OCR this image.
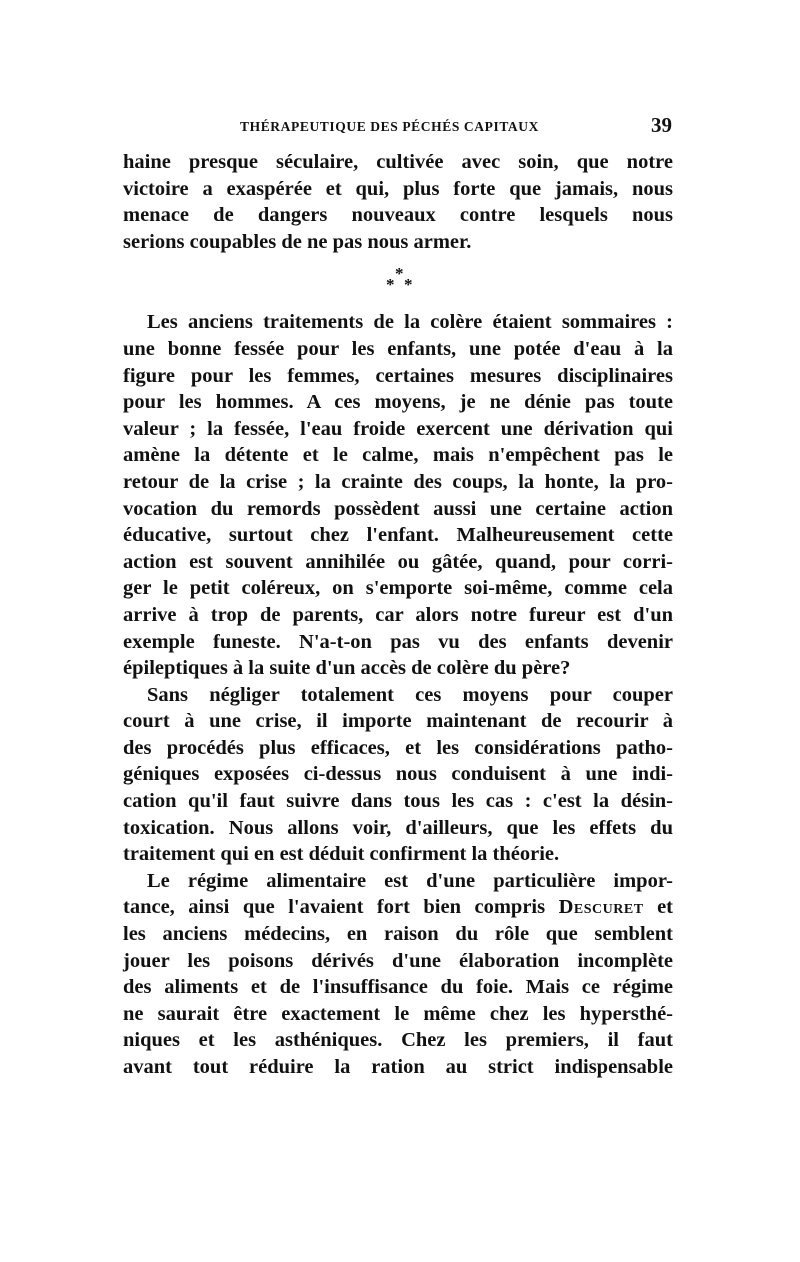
THÉRAPEUTIQUE DES PÉCHÉS CAPITAUX	39
haine presque séculaire, cultivée avec soin, que notre
victoire a exaspérée et qui, plus forte que jamais, nous
menace de dangers nouveaux contre lesquels nous
serions coupables de ne pas nous armer.
*
* *
Les anciens traitements de la colère étaient sommaires :
une bonne fessée pour les enfants, une potée d'eau à la
figure pour les femmes, certaines mesures disciplinaires
pour les hommes. A ces moyens, je ne dénie pas toute
valeur ; la fessée, l'eau froide exercent une dérivation qui
amène la détente et le calme, mais n'empêchent pas le
retour de la crise ; la crainte des coups, la honte, la pro-
vocation du remords possèdent aussi une certaine action
éducative, surtout chez l'enfant. Malheureusement cette
action est souvent annihilée ou gâtée, quand, pour corri-
ger le petit coléreux, on s'emporte soi-même, comme cela
arrive à trop de parents, car alors notre fureur est d'un
exemple funeste. N'a-t-on pas vu des enfants devenir
épileptiques à la suite d'un accès de colère du père?
Sans négliger totalement ces moyens pour couper
court à une crise, il importe maintenant de recourir à
des procédés plus efficaces, et les considérations patho-
géniques exposées ci-dessus nous conduisent à une indi-
cation qu'il faut suivre dans tous les cas : c'est la désin-
toxication. Nous allons voir, d'ailleurs, que les effets du
traitement qui en est déduit confirment la théorie.
Le régime alimentaire est d'une particulière impor-
tance, ainsi que l'avaient fort bien compris Descuret et
les anciens médecins, en raison du rôle que semblent
jouer les poisons dérivés d'une élaboration incomplète
des aliments et de l'insuffisance du foie. Mais ce régime
ne saurait être exactement le même chez les hypersthé-
niques et les asthéniques. Chez les premiers, il faut
avant tout réduire la ration au strict indispensable
